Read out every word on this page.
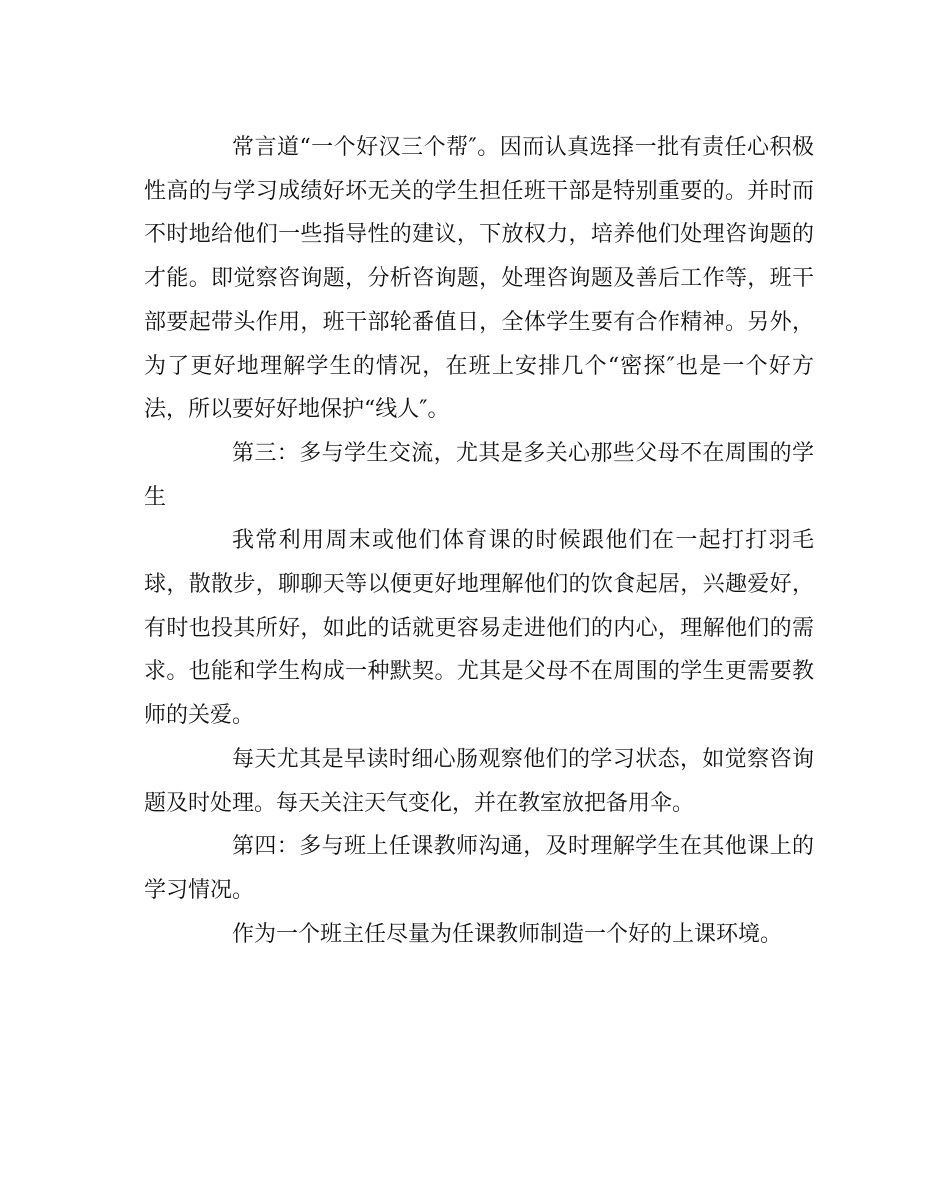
常言道“一个好汉三个帮″。因而认真选择一批有责任心积极性高的与学习成绩好坏无关的学生担任班干部是特别重要的。并时而不时地给他们一些指导性的建议，下放权力，培养他们处理咨询题的才能。即觉察咨询题，分析咨询题，处理咨询题及善后工作等，班干部要起带头作用，班干部轮番值日，全体学生要有合作精神。另外，为了更好地理解学生的情况，在班上安排几个“密探″也是一个好方法，所以要好好地保护“线人″。

第三：多与学生交流，尤其是多关心那些父母不在周围的学生

我常利用周末或他们体育课的时候跟他们在一起打打羽毛球，散散步，聊聊天等以便更好地理解他们的饮食起居，兴趣爱好，有时也投其所好，如此的话就更容易走进他们的内心，理解他们的需求。也能和学生构成一种默契。尤其是父母不在周围的学生更需要教师的关爱。

每天尤其是早读时细心肠观察他们的学习状态，如觉察咨询题及时处理。每天关注天气变化，并在教室放把备用伞。

第四：多与班上任课教师沟通，及时理解学生在其他课上的学习情况。

作为一个班主任尽量为任课教师制造一个好的上课环境。
